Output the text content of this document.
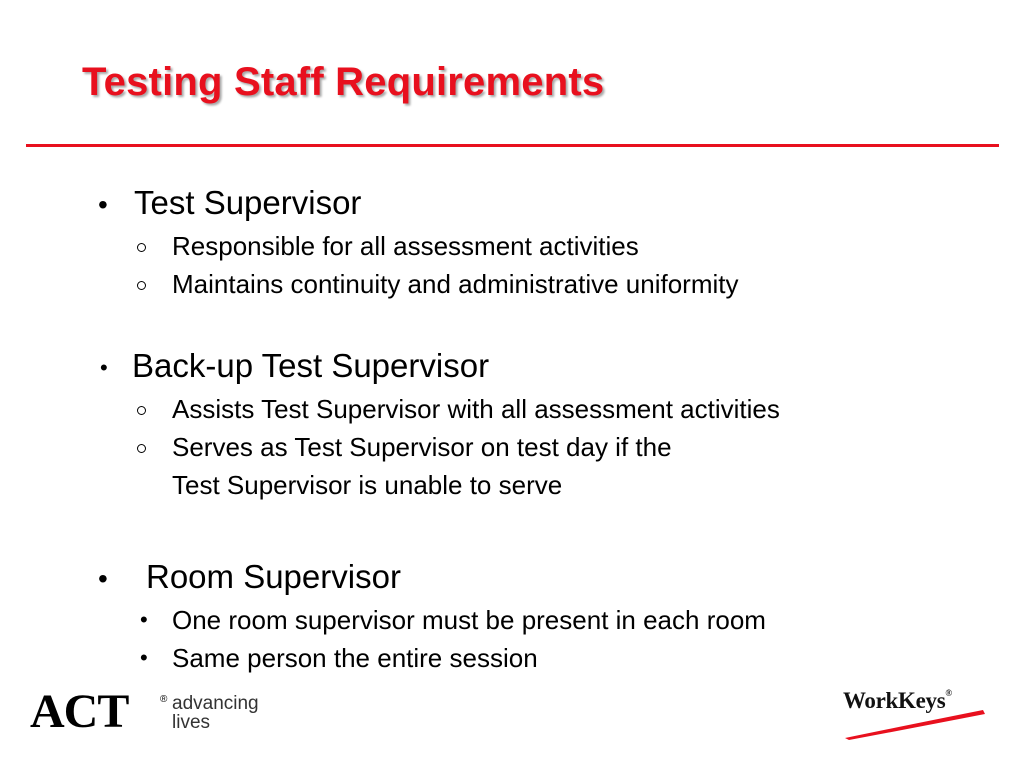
Testing Staff Requirements
• Test Supervisor
Responsible for all assessment activities
Maintains continuity and administrative uniformity
• Back-up Test Supervisor
Assists Test Supervisor with all assessment activities
Serves as Test Supervisor on test day if the
Test Supervisor is unable to serve
• Room Supervisor
• One room supervisor must be present in each room
• Same person the entire session
ACT	® advancing
lives
WorkKeys®
